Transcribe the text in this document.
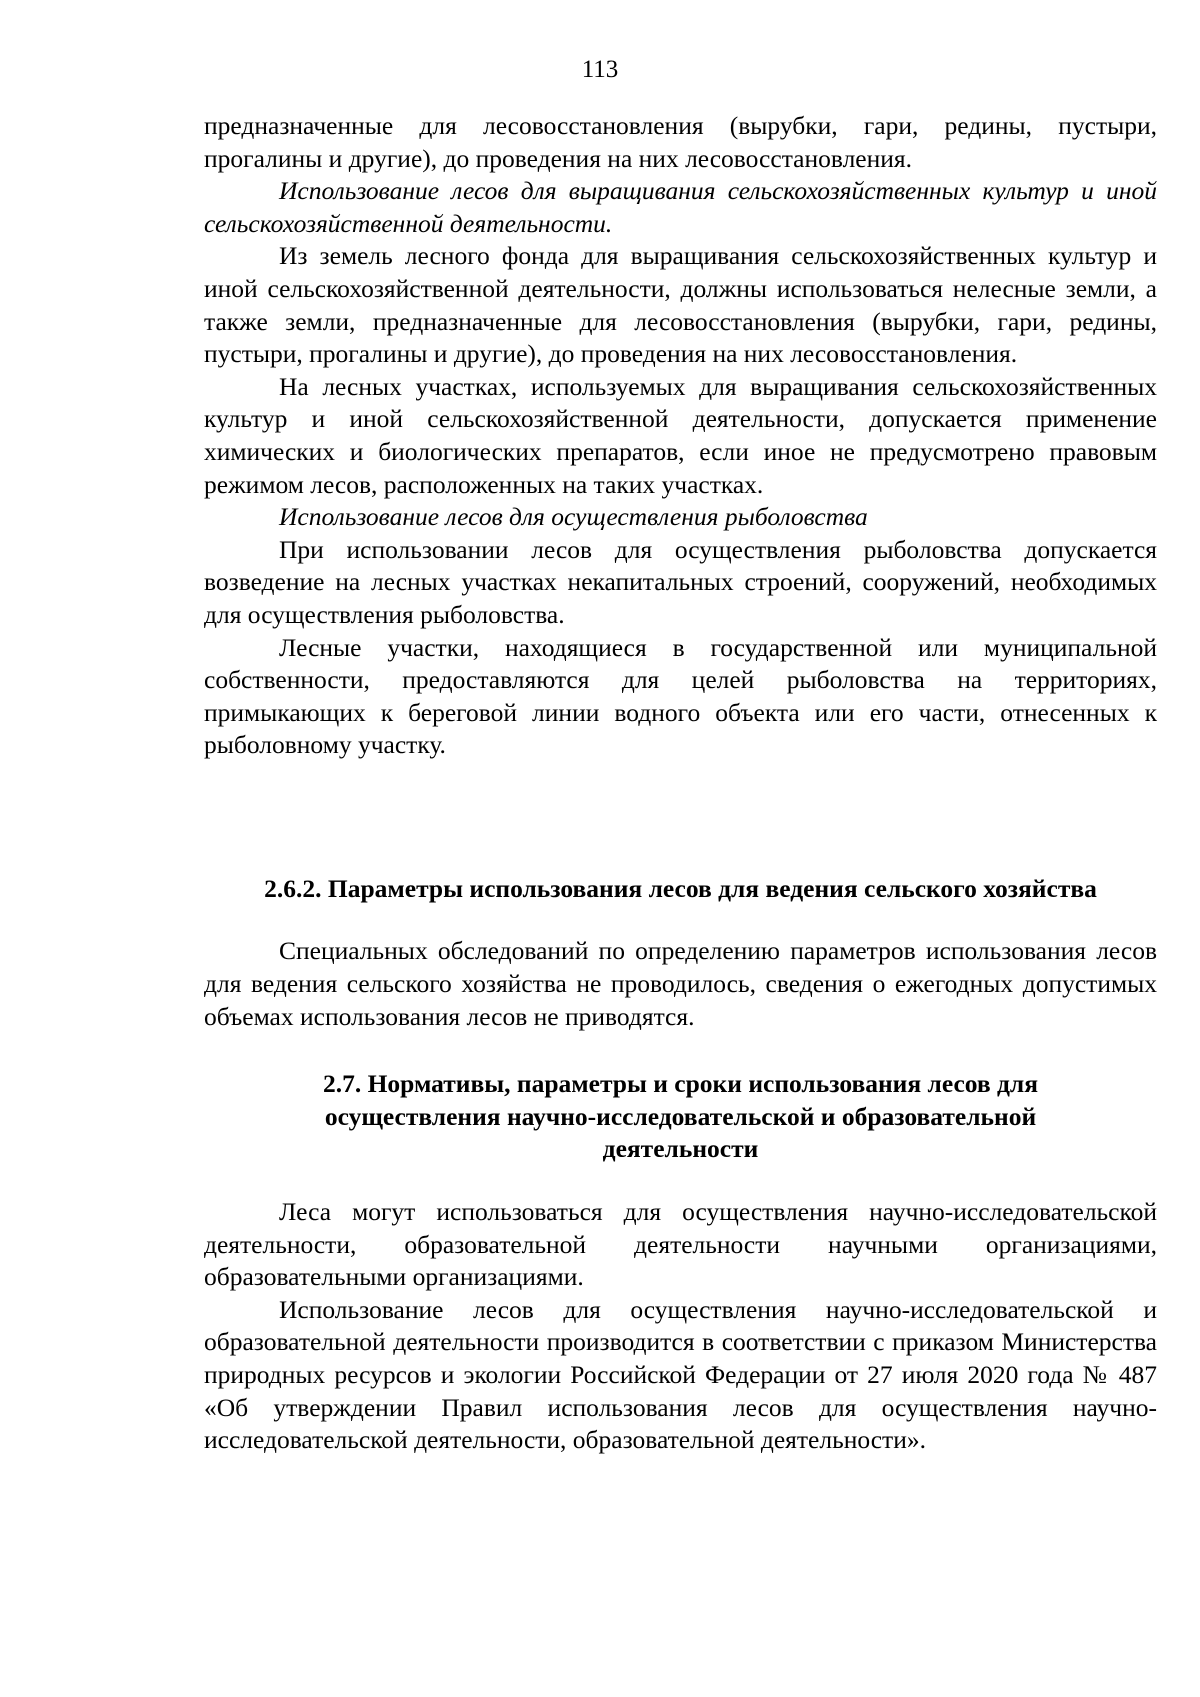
113

предназначенные для лесовосстановления (вырубки, гари, редины, пустыри, прогалины и другие), до проведения на них лесовосстановления.

Использование лесов для выращивания сельскохозяйственных культур и иной сельскохозяйственной деятельности.

Из земель лесного фонда для выращивания сельскохозяйственных культур и иной сельскохозяйственной деятельности, должны использоваться нелесные земли, а также земли, предназначенные для лесовосстановления (вырубки, гари, редины, пустыри, прогалины и другие), до проведения на них лесовосстановления.

На лесных участках, используемых для выращивания сельскохозяйственных культур и иной сельскохозяйственной деятельности, допускается применение химических и биологических препаратов, если иное не предусмотрено правовым режимом лесов, расположенных на таких участках.

Использование лесов для осуществления рыболовства

При использовании лесов для осуществления рыболовства допускается возведение на лесных участках некапитальных строений, сооружений, необходимых для осуществления рыболовства.

Лесные участки, находящиеся в государственной или муниципальной собственности, предоставляются для целей рыболовства на территориях, примыкающих к береговой линии водного объекта или его части, отнесенных к рыболовному участку.

2.6.2. Параметры использования лесов для ведения сельского хозяйства

Специальных обследований по определению параметров использования лесов для ведения сельского хозяйства не проводилось, сведения о ежегодных допустимых объемах использования лесов не приводятся.

2.7. Нормативы, параметры и сроки использования лесов для осуществления научно-исследовательской и образовательной деятельности

Леса могут использоваться для осуществления научно-исследовательской деятельности, образовательной деятельности научными организациями, образовательными организациями.

Использование лесов для осуществления научно-исследовательской и образовательной деятельности производится в соответствии с приказом Министерства природных ресурсов и экологии Российской Федерации от 27 июля 2020 года № 487 «Об утверждении Правил использования лесов для осуществления научно-исследовательской деятельности, образовательной деятельности».
